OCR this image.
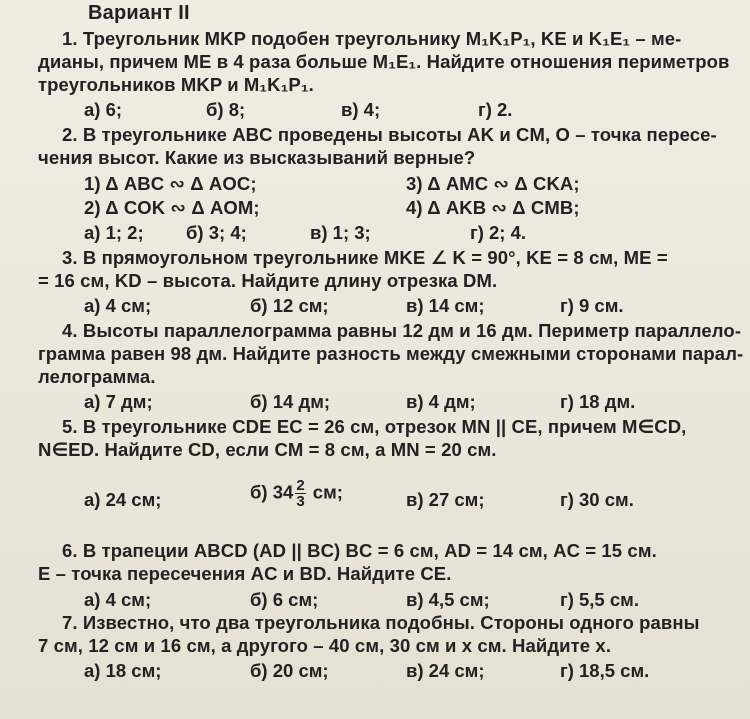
Вариант II
1. Треугольник MKP подобен треугольнику M₁K₁P₁, KE и K₁E₁ – ме-
дианы, причем ME в 4 раза больше M₁E₁. Найдите отношения периметров
треугольников MKP и M₁K₁P₁.
а) 6;	б) 8;	в) 4;	г) 2.
2. В треугольнике ABC проведены высоты AK и CM, O – точка пересе-
чения высот. Какие из высказываний верные?
1) Δ ABC ∾ Δ AOC;	3) Δ AMC ∾ Δ CKA;
2) Δ COK ∾ Δ AOM;	4) Δ AKB ∾ Δ CMB;
а) 1; 2; б) 3; 4;	в) 1; 3;	г) 2; 4.
3. В прямоугольном треугольнике MKE ∠ K = 90°, KE = 8 см, ME =
= 16 см, KD – высота. Найдите длину отрезка DM.
а) 4 см;	б) 12 см;	в) 14 см;	г) 9 см.
4. Высоты параллелограмма равны 12 дм и 16 дм. Периметр параллело-
грамма равен 98 дм. Найдите разность между смежными сторонами парал-
лелограмма.
а) 7 дм;	б) 14 дм;	в) 4 дм;	г) 18 дм.
5. В треугольнике CDE EC = 26 см, отрезок MN || CE, причем M∈CD,
N∈ED. Найдите CD, если CM = 8 см, а MN = 20 см.
а) 24 см;	б) $34 \frac{2}{3}$ см;	в) 27 см;	г) 30 см.
6. В трапеции ABCD (AD || BC) BC = 6 см, AD = 14 см, AC = 15 см.
E – точка пересечения AC и BD. Найдите CE.
а) 4 см;	б) 6 см;	в) 4,5 см;	г) 5,5 см.
7. Известно, что два треугольника подобны. Стороны одного равны
7 см, 12 см и 16 см, а другого – 40 см, 30 см и x см. Найдите x.
а) 18 см;	б) 20 см;	в) 24 см;	г) 18,5 см.
